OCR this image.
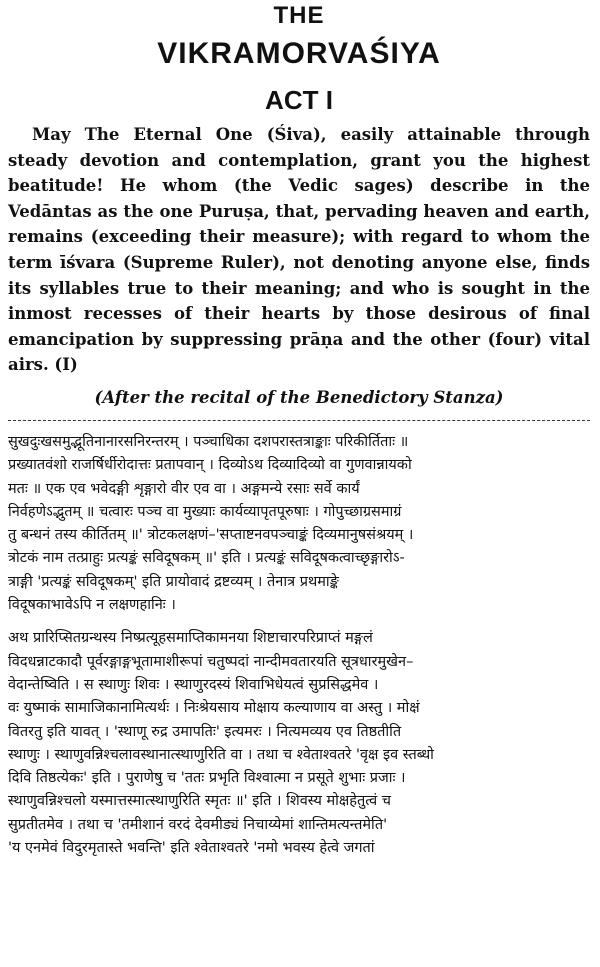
THE
VIKRAMORVAŚIYA
ACT I

May The Eternal One (Śiva), easily attainable through steady devotion and contemplation, grant you the highest beatitude! He whom (the Vedic sages) describe in the Vedāntas as the one Puruṣa, that, pervading heaven and earth, remains (exceeding their measure); with regard to whom the term īśvara (Supreme Ruler), not denoting anyone else, finds its syllables true to their meaning; and who is sought in the inmost recesses of their hearts by those desirous of final emancipation by suppressing prāṇa and the other (four) vital airs. (I)

(After the recital of the Benedictory Stanza)
सुखदुःखसमुद्भूतिनानारसनिरन्तरम् । पञ्चाधिका दशपरास्तत्राङ्काः परिकीर्तिताः ॥
प्रख्यातवंशो राजर्षिर्धीरोदात्तः प्रतापवान् । दिव्योऽथ दिव्यादिव्यो वा गुणवान्नायको
मतः ॥ एक एव भवेदङ्गी शृङ्गारो वीर एव वा । अङ्गमन्ये रसाः सर्वे कार्यं
निर्वहणेऽद्भुतम् ॥ चत्वारः पञ्च वा मुख्याः कार्यव्यापृतपूरुषाः । गोपुच्छाग्रसमाग्रं
तु बन्धनं तस्य कीर्तितम् ॥' त्रोटकलक्षणं–'सप्ताष्टनवपञ्चाङ्कं दिव्यमानुषसंश्रयम् ।
त्रोटकं नाम तत्प्राहुः प्रत्यङ्कं सविदूषकम् ॥' इति । प्रत्यङ्कं सविदूषकत्वाच्छृङ्गारोऽ-
त्राङ्गी 'प्रत्यङ्कं सविदूषकम्' इति प्रायोवादं द्रष्टव्यम् । तेनात्र प्रथमाङ्के
विदूषकाभावेऽपि न लक्षणहानिः ।
अथ प्रारिप्सितग्रन्थस्य निष्प्रत्यूहसमाप्तिकामनया शिष्टाचारपरिप्राप्तं मङ्गलं
विदधन्नाटकादौ पूर्वरङ्गाङ्गभूतामाशीरूपां चतुष्पदां नान्दीमवतारयति सूत्रधारमुखेन–
वेदान्तेष्विति । स स्थाणुः शिवः । स्थाणुरदस्यं शिवाभिधेयत्वं सुप्रसिद्धमेव ।
वः युष्माकं सामाजिकानामित्यर्थः । निःश्रेयसाय मोक्षाय कल्याणाय वा अस्तु । मोक्षं
वितरतु इति यावत् । 'स्थाणू रुद्र उमापतिः' इत्यमरः । नित्यमव्यय एव तिष्ठतीति
स्थाणुः । स्थाणुवन्निश्चलावस्थानात्स्थाणुरिति वा । तथा च श्वेताश्वतरे 'वृक्ष इव स्तब्धो
दिवि तिष्ठत्येकः' इति । पुराणेषु च 'ततः प्रभृति विश्वात्मा न प्रसूते शुभाः प्रजाः ।
स्थाणुवन्निश्चलो यस्मात्तस्मात्स्थाणुरिति स्मृतः ॥' इति । शिवस्य मोक्षहेतुत्वं च
सुप्रतीतमेव । तथा च 'तमीशानं वरदं देवमीड्यं निचाय्येमां शान्तिमत्यन्तमेति'
'य एनमेवं विदुरमृतास्ते भवन्ति' इति श्वेताश्वतरे 'नमो भवस्य हेत्वे जगतां
